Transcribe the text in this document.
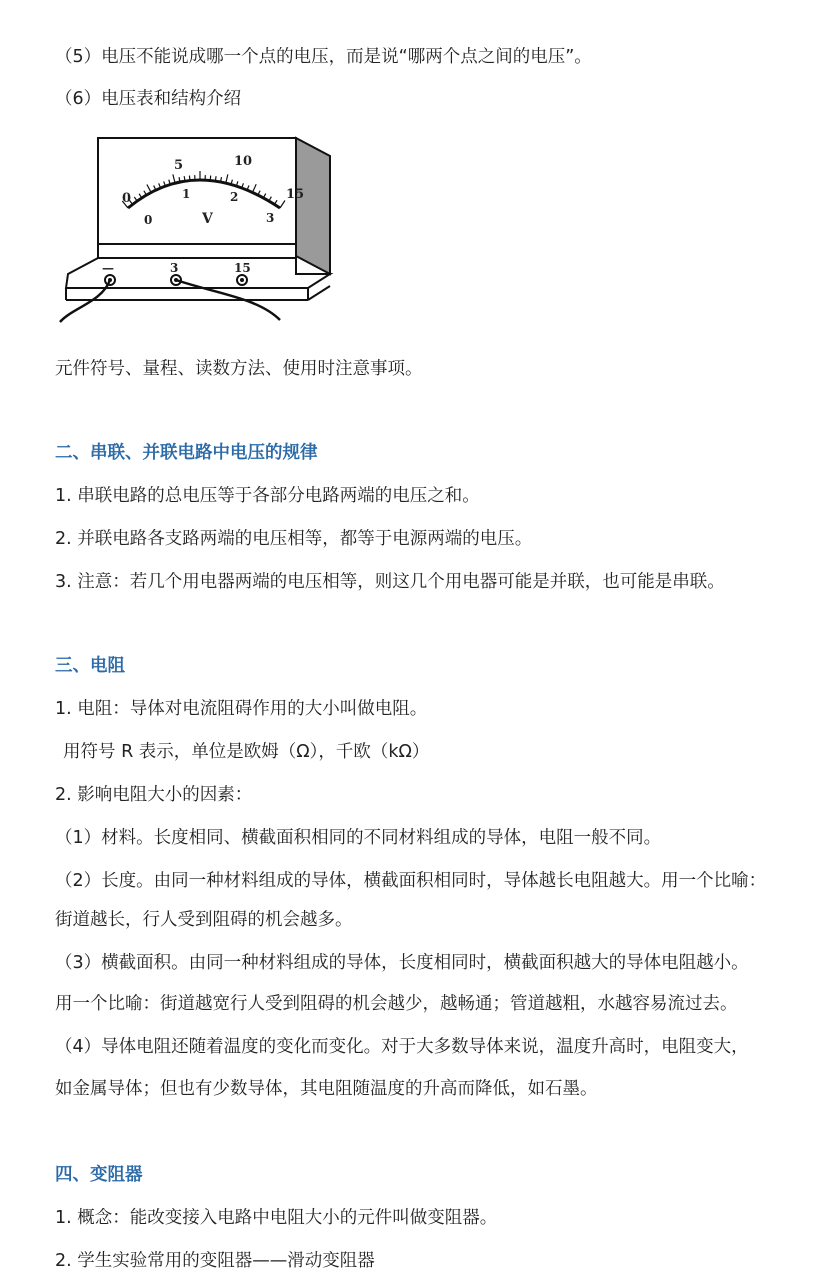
（5）电压不能说成哪一个点的电压，而是说“哪两个点之间的电压”。
（6）电压表和结构介绍
元件符号、量程、读数方法、使用时注意事项。
二、串联、并联电路中电压的规律
1. 串联电路的总电压等于各部分电路两端的电压之和。
2. 并联电路各支路两端的电压相等，都等于电源两端的电压。
3. 注意：若几个用电器两端的电压相等，则这几个用电器可能是并联，也可能是串联。
三、电阻
1. 电阻：导体对电流阻碍作用的大小叫做电阻。
用符号 R 表示，单位是欧姆（Ω），千欧（kΩ）
2. 影响电阻大小的因素：
（1）材料。长度相同、横截面积相同的不同材料组成的导体，电阻一般不同。
（2）长度。由同一种材料组成的导体，横截面积相同时，导体越长电阻越大。用一个比喻：
街道越长，行人受到阻碍的机会越多。
（3）横截面积。由同一种材料组成的导体，长度相同时，横截面积越大的导体电阻越小。
用一个比喻：街道越宽行人受到阻碍的机会越少，越畅通；管道越粗，水越容易流过去。
（4）导体电阻还随着温度的变化而变化。对于大多数导体来说，温度升高时，电阻变大，
如金属导体；但也有少数导体，其电阻随温度的升高而降低，如石墨。
四、变阻器
1. 概念：能改变接入电路中电阻大小的元件叫做变阻器。
2. 学生实验常用的变阻器——滑动变阻器
0
5	10
15
0
1	2
3
V
—	3	15
